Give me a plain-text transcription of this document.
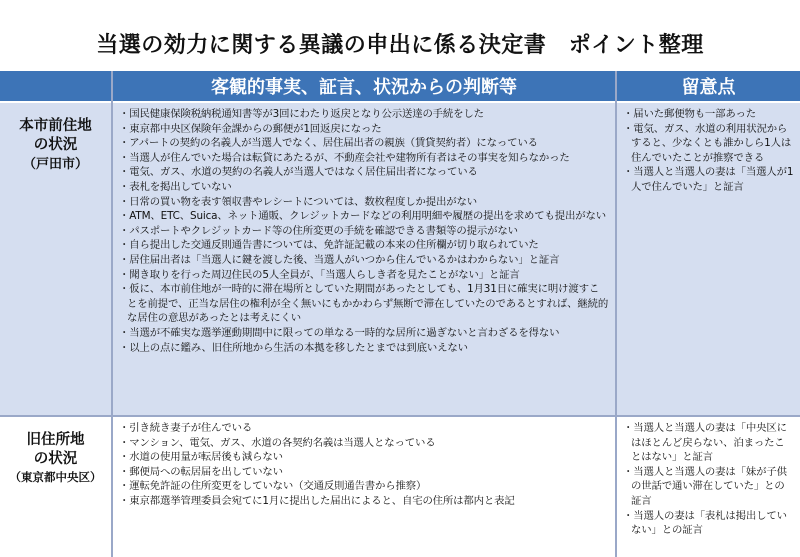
当選の効力に関する異議の申出に係る決定書　ポイント整理
客観的事実、証言、状況からの判断等	留意点
本市前住地
の状況
（戸田市）
・ 国民健康保険税納税通知書等が3回にわたり返戻となり公示送達の手続をした
・ 東京都中央区保険年金課からの郵便が1回返戻になった
・ アパートの契約の名義人が当選人でなく、居住届出者の親族（賃貸契約者）になっている
・ 当選人が住んでいた場合は転貸にあたるが、不動産会社や建物所有者はその事実を知らなかった
・ 電気、ガス、水道の契約の名義人が当選人ではなく居住届出者になっている
・ 表札を掲出していない
・ 日常の買い物を表す領収書やレシートについては、数枚程度しか提出がない
・ ATM、ETC、Suica、ネット通販、クレジットカードなどの利用明細や履歴の提出を求めても提出がない
・ パスポートやクレジットカード等の住所変更の手続を確認できる書類等の提示がない
・ 自ら提出した交通反則通告書については、免許証記載の本来の住所欄が切り取られていた
・ 居住届出者は「当選人に鍵を渡した後、当選人がいつから住んでいるかはわからない」と証言
・ 聞き取りを行った周辺住民の5人全員が、「当選人らしき者を見たことがない」と証言
・ 仮に、本市前住地が一時的に滞在場所としていた期間があったとしても、1月31日に確実に明け渡すことを前提で、正当な居住の権利が全く無いにもかかわらず無断で滞在していたのであるとすれば、継続的な居住の意思があったとは考えにくい
・ 当選が不確実な選挙運動期間中に限っての単なる一時的な居所に過ぎないと言わざるを得ない
・ 以上の点に鑑み、旧住所地から生活の本拠を移したとまでは到底いえない
・ 届いた郵便物も一部あった
・ 電気、ガス、水道の利用状況からすると、少なくとも誰かしら1人は住んでいたことが推察できる
・ 当選人と当選人の妻は「当選人が1人で住んでいた」と証言
旧住所地
の状況
（東京都中央区）
・ 引き続き妻子が住んでいる
・ マンション、電気、ガス、水道の各契約名義は当選人となっている
・ 水道の使用量が転居後も減らない
・ 郵便局への転居届を出していない
・ 運転免許証の住所変更をしていない（交通反則通告書から推察）
・ 東京都選挙管理委員会宛てに1月に提出した届出によると、自宅の住所は都内と表記
・ 当選人と当選人の妻は「中央区にはほとんど戻らない、泊まったことはない」と証言
・ 当選人と当選人の妻は「妹が子供の世話で通い滞在していた」との証言
・ 当選人の妻は「表札は掲出していない」との証言
